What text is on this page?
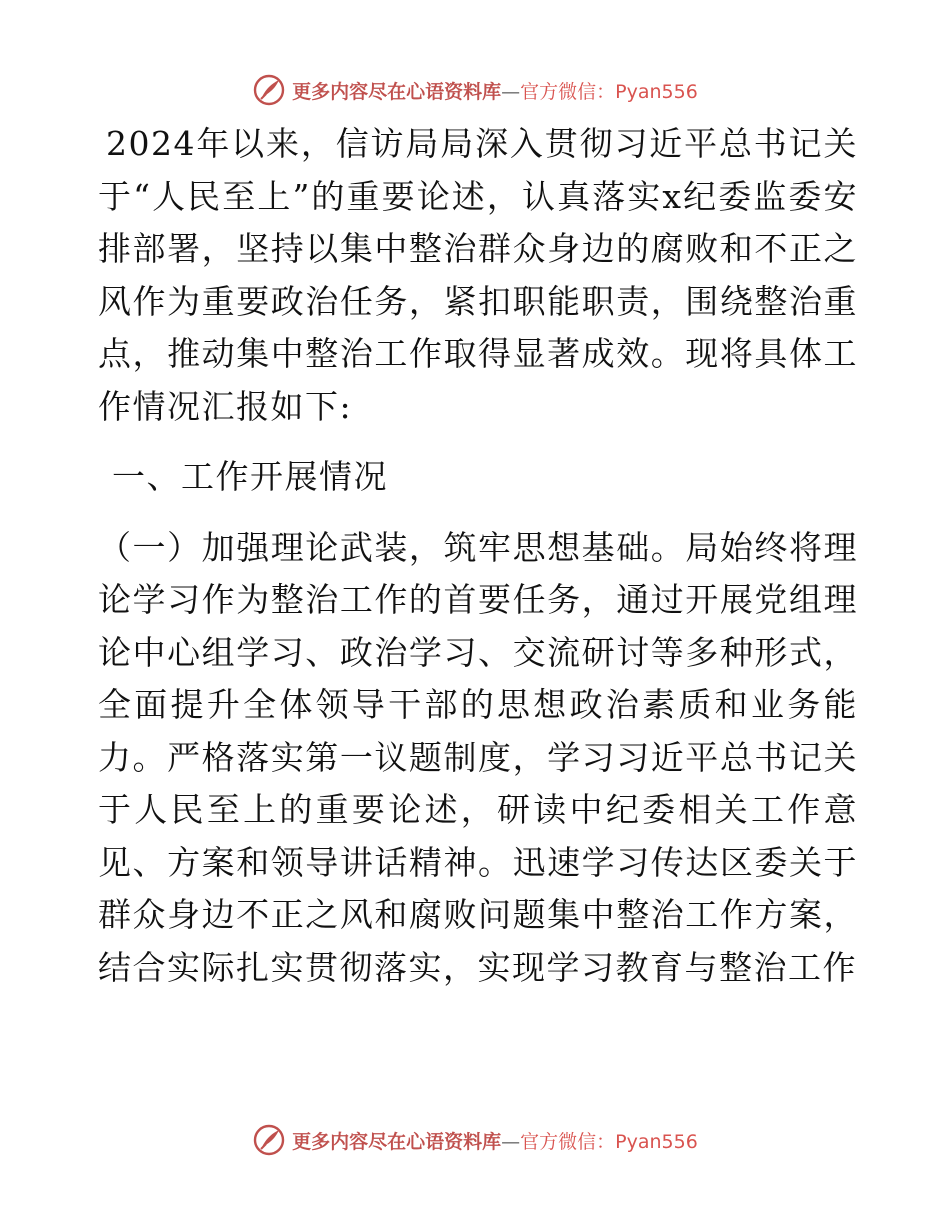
更多内容尽在心语资料库—官方微信：Pyan556

2024年以来，信访局局深入贯彻习近平总书记关于“人民至上”的重要论述，认真落实x纪委监委安排部署，坚持以集中整治群众身边的腐败和不正之风作为重要政治任务，紧扣职能职责，围绕整治重点，推动集中整治工作取得显著成效。现将具体工作情况汇报如下:

一、工作开展情况

（一）加强理论武装，筑牢思想基础。局始终将理论学习作为整治工作的首要任务，通过开展党组理论中心组学习、政治学习、交流研讨等多种形式，全面提升全体领导干部的思想政治素质和业务能力。严格落实第一议题制度，学习习近平总书记关于人民至上的重要论述，研读中纪委相关工作意见、方案和领导讲话精神。迅速学习传达区委关于群众身边不正之风和腐败问题集中整治工作方案，结合实际扎实贯彻落实，实现学习教育与整治工作

更多内容尽在心语资料库—官方微信：Pyan556
